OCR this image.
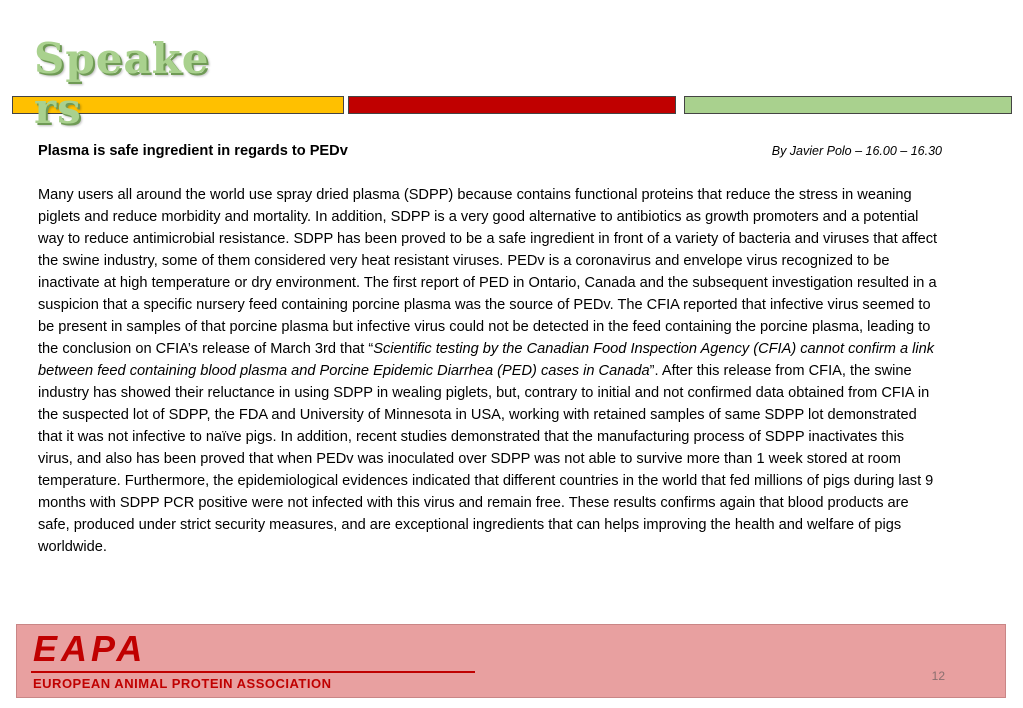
Speakers
Plasma is safe ingredient in regards to PEDv	By Javier Polo – 16.00 – 16.30

Many users all around the world use spray dried plasma (SDPP) because contains functional proteins that reduce the stress in weaning piglets and reduce morbidity and mortality. In addition, SDPP is a very good alternative to antibiotics as growth promoters and a potential way to reduce antimicrobial resistance. SDPP has been proved to be a safe ingredient in front of a variety of bacteria and viruses that affect the swine industry, some of them considered very heat resistant viruses. PEDv is a coronavirus and envelope virus recognized to be inactivate at high temperature or dry environment. The first report of PED in Ontario, Canada and the subsequent investigation resulted in a suspicion that a specific nursery feed containing porcine plasma was the source of PEDv. The CFIA reported that infective virus seemed to be present in samples of that porcine plasma but infective virus could not be detected in the feed containing the porcine plasma, leading to the conclusion on CFIA’s release of March 3rd that “Scientific testing by the Canadian Food Inspection Agency (CFIA) cannot confirm a link between feed containing blood plasma and Porcine Epidemic Diarrhea (PED) cases in Canada”. After this release from CFIA, the swine industry has showed their reluctance in using SDPP in wealing piglets, but, contrary to initial and not confirmed data obtained from CFIA in the suspected lot of SDPP, the FDA and University of Minnesota in USA, working with retained samples of same SDPP lot demonstrated that it was not infective to naïve pigs. In addition, recent studies demonstrated that the manufacturing process of SDPP inactivates this virus, and also has been proved that when PEDv was inoculated over SDPP was not able to survive more than 1 week stored at room temperature. Furthermore, the epidemiological evidences indicated that different countries in the world that fed millions of pigs during last 9 months with SDPP PCR positive were not infected with this virus and remain free. These results confirms again that blood products are safe, produced under strict security measures, and are exceptional ingredients that can helps improving the health and welfare of pigs worldwide.

EAPA
EUROPEAN ANIMAL PROTEIN ASSOCIATION	12
